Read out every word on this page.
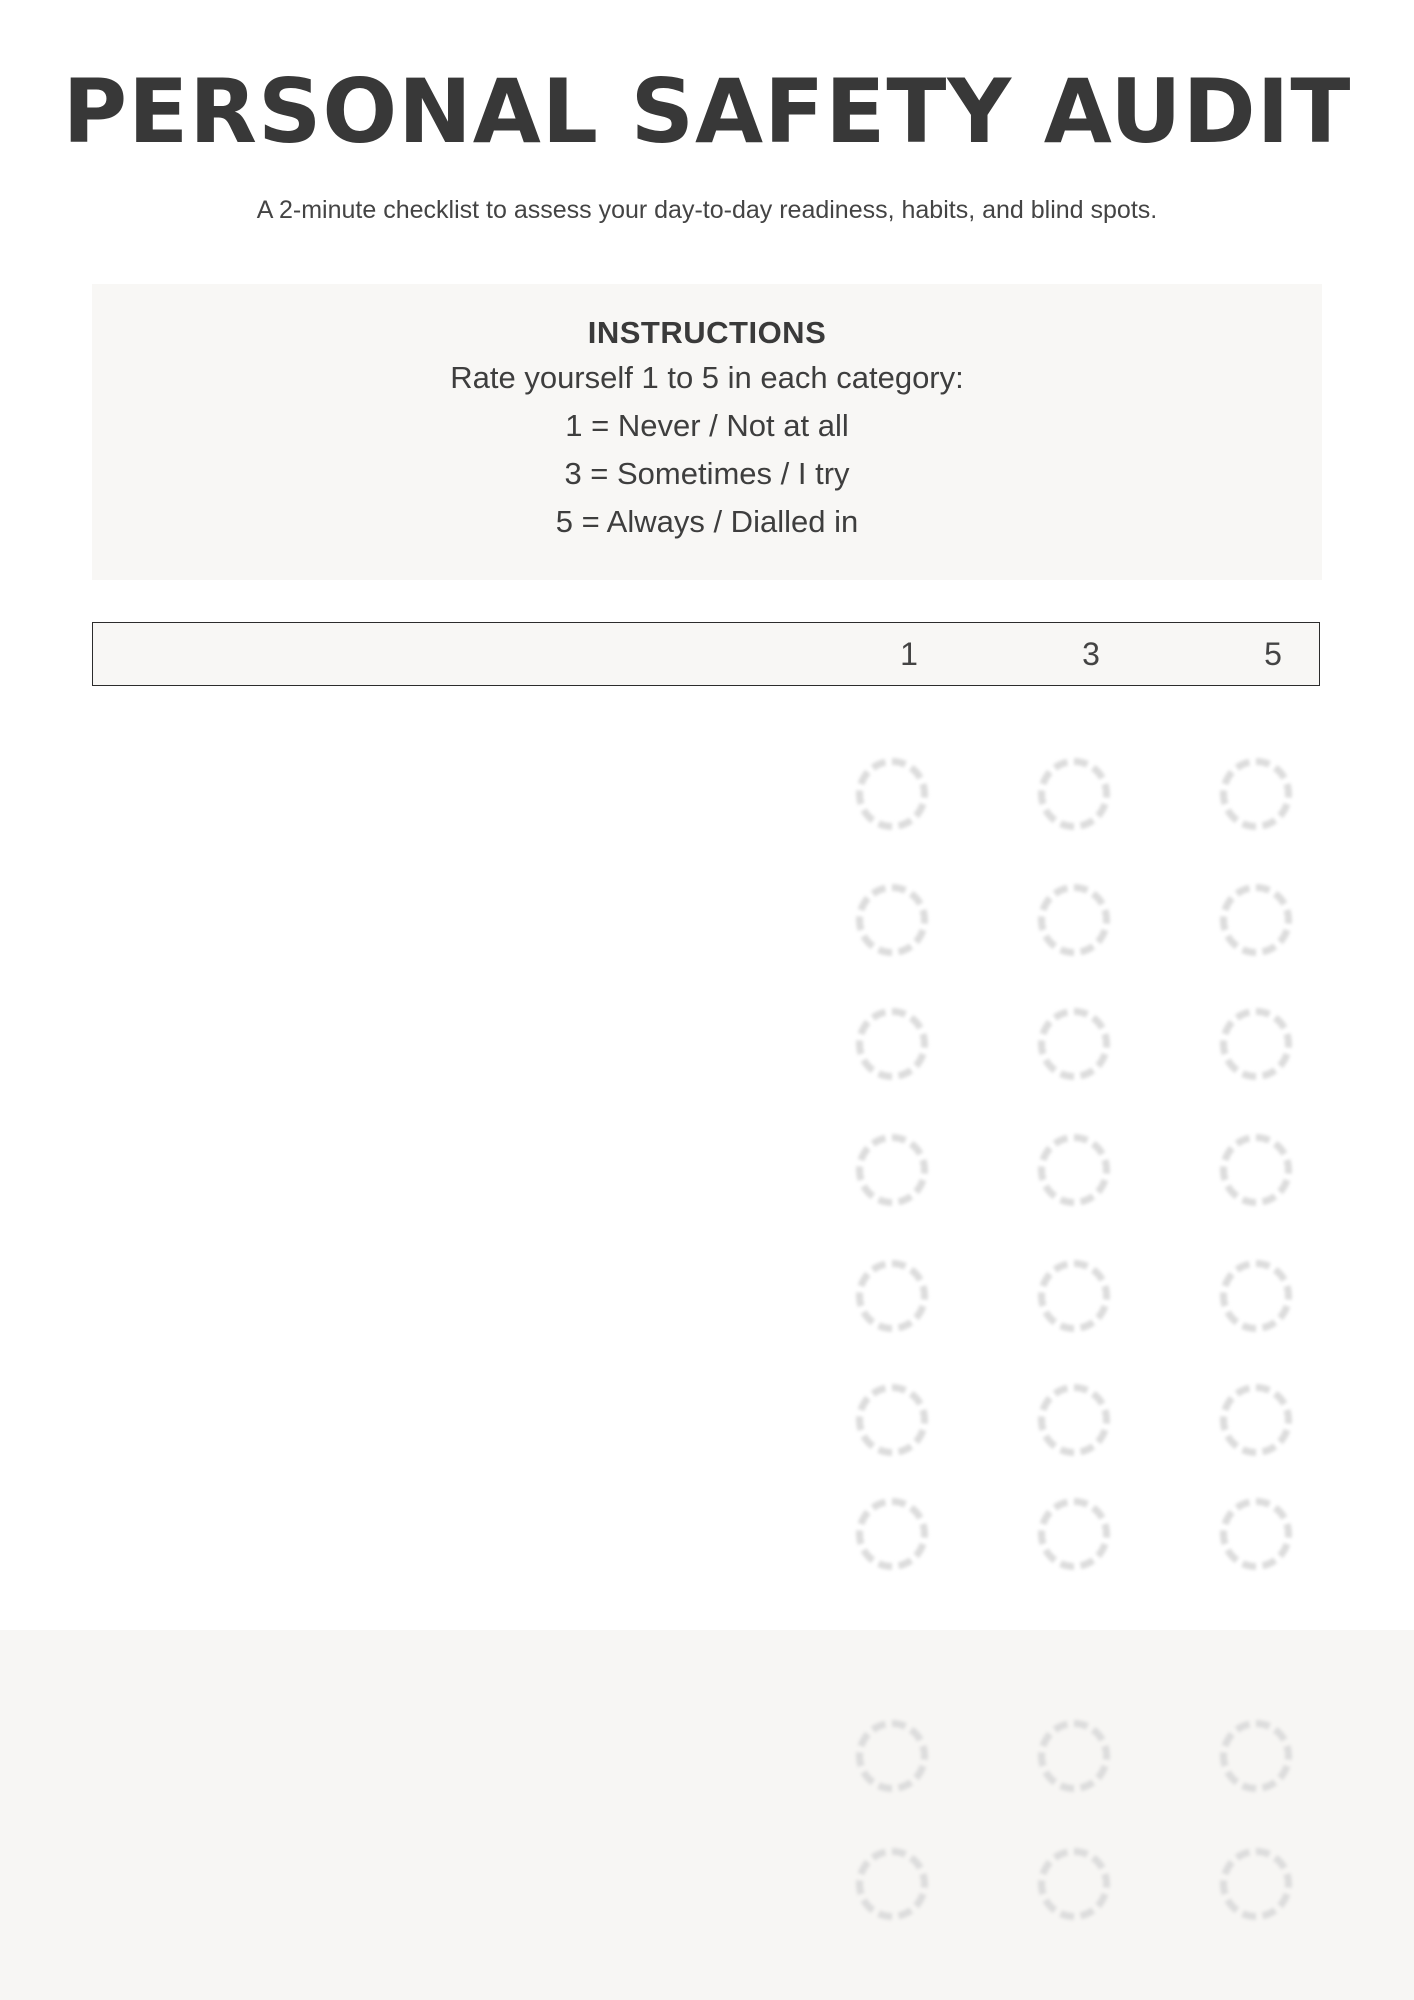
PERSONAL SAFETY AUDIT

A 2-minute checklist to assess your day-to-day readiness, habits, and blind spots.

INSTRUCTIONS
Rate yourself 1 to 5 in each category:
1 = Never / Not at all
3 = Sometimes / I try
5 = Always / Dialled in
1	3	5
